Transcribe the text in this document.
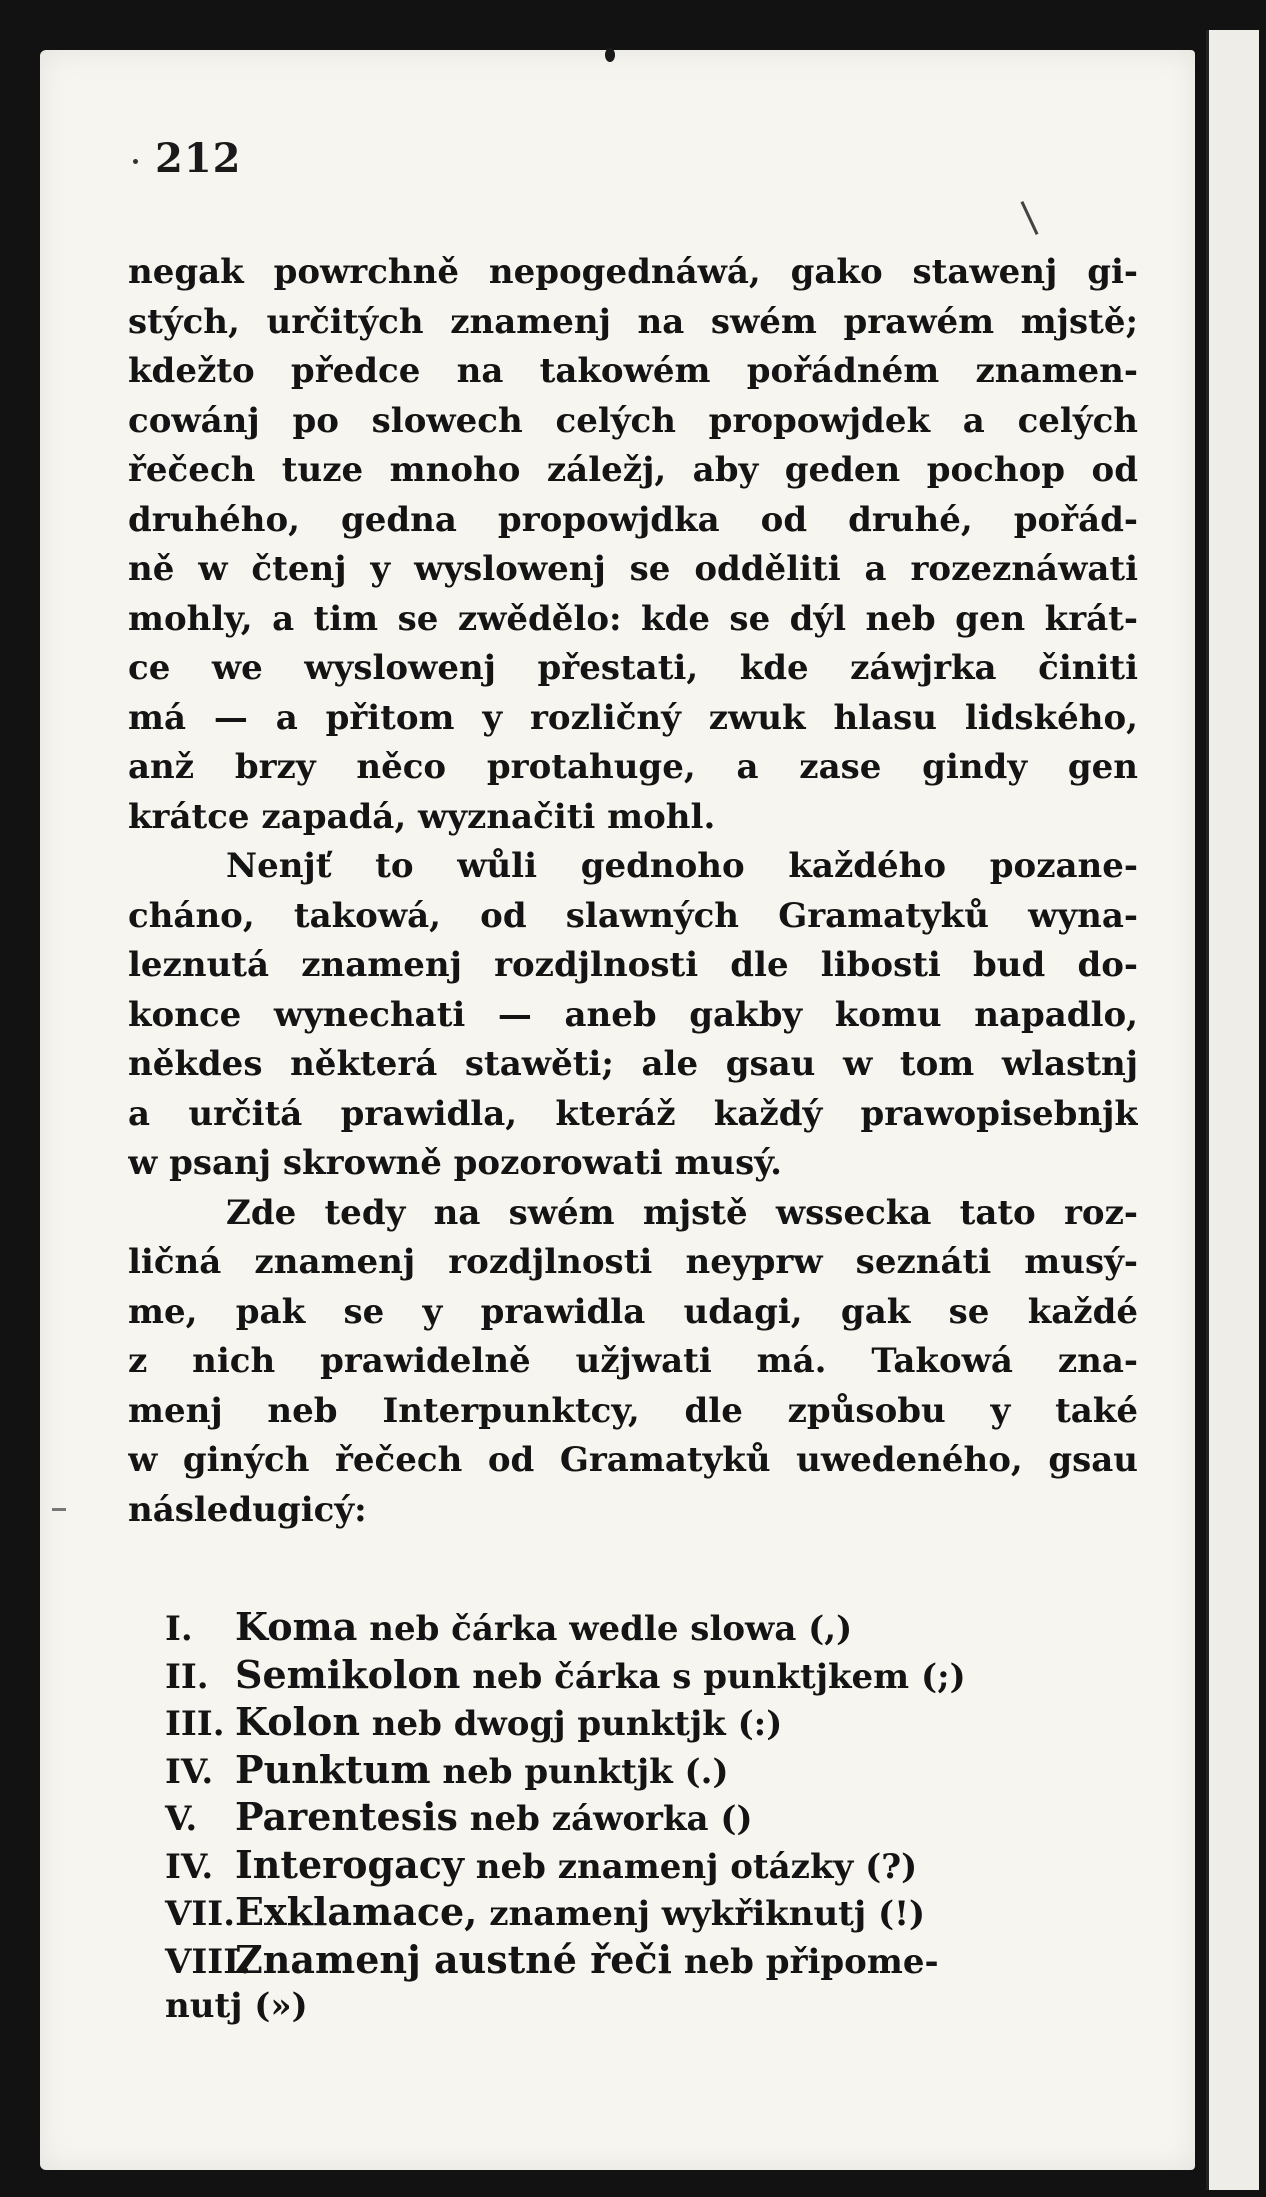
212

negak powrchně nepogednáwá, gako stawenj gi-
stých, určitých znamenj na swém prawém mjstě;
kdežto předce na takowém pořádném znamen-
cowánj po slowech celých propowjdek a celých
řečech tuze mnoho záležj, aby geden pochop od
druhého, gedna propowjdka od druhé, pořád-
ně w čtenj y wyslowenj se odděliti a rozeznáwati
mohly, a tim se zwědělo: kde se dýl neb gen krát-
ce we wyslowenj přestati, kde záwjrka činiti
má — a přitom y rozličný zwuk hlasu lidského,
anž brzy něco protahuge, a zase gindy gen
krátce zapadá, wyznačiti mohl.
Nenjť to wůli gednoho každého pozane-
cháno, takowá, od slawných Gramatyků wyna-
leznutá znamenj rozdjlnosti dle libosti bud do-
konce wynechati — aneb gakby komu napadlo,
někdes některá stawěti; ale gsau w tom wlastnj
a určitá prawidla, kteráž každý prawopisebnjk
w psanj skrowně pozorowati musý.
Zde tedy na swém mjstě wssecka tato roz-
ličná znamenj rozdjlnosti neyprw seznáti musý-
me, pak se y prawidla udagi, gak se každé
z nich prawidelně užjwati má. Takowá zna-
menj neb Interpunktcy, dle způsobu y také
w giných řečech od Gramatyků uwedeného, gsau
následugicý:
I. Koma neb čárka wedle slowa (,)
II. Semikolon neb čárka s punktjkem (;)
III. Kolon neb dwogj punktjk (:)
IV. Punktum neb punktjk (.)
V. Parentesis neb záworka ()
IV. Interogacy neb znamenj otázky (?)
VII.Exklamace, znamenj wykřiknutj (!)
VIII.Znamenj austné řeči neb připome-
nutj (»)
